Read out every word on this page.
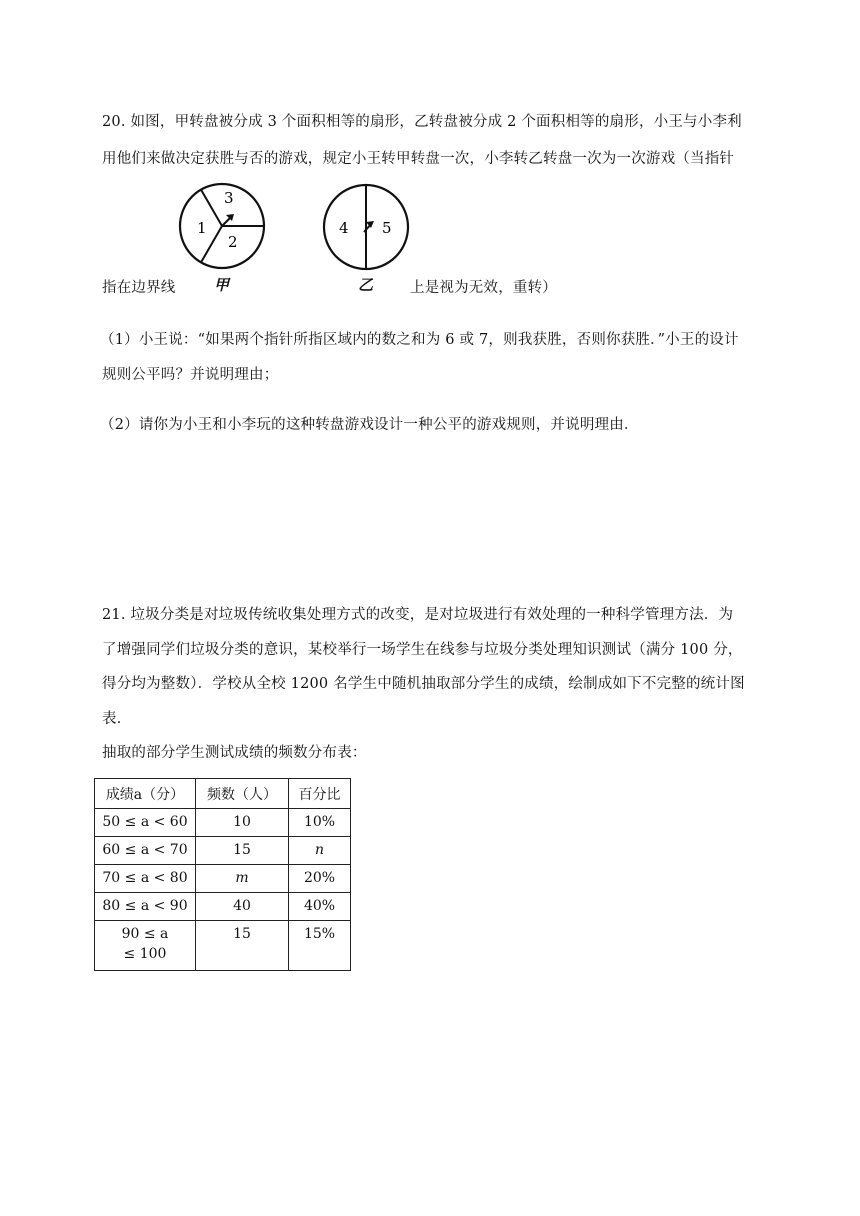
20. 如图，甲转盘被分成 3 个面积相等的扇形，乙转盘被分成 2 个面积相等的扇形，小王与小李利
用他们来做决定获胜与否的游戏，规定小王转甲转盘一次，小李转乙转盘一次为一次游戏（当指针
1
2
3
4 5
指在边界线	甲	乙	上是视为无效，重转）
（1）小王说：“如果两个指针所指区域内的数之和为 6 或 7，则我获胜，否则你获胜．”小王的设计
规则公平吗？并说明理由；
（2）请你为小王和小李玩的这种转盘游戏设计一种公平的游戏规则，并说明理由．
21. 垃圾分类是对垃圾传统收集处理方式的改变，是对垃圾进行有效处理的一种科学管理方法．为
了增强同学们垃圾分类的意识，某校举行一场学生在线参与垃圾分类处理知识测试（满分 100 分，
得分均为整数）．学校从全校 1200 名学生中随机抽取部分学生的成绩，绘制成如下不完整的统计图
表．
抽取的部分学生测试成绩的频数分布表：
成绩a（分）	频数（人）	百分比
50 ≤ a < 60	10	10%
60 ≤ a < 70	15	n
70 ≤ a < 80	m	20%
80 ≤ a < 90	40	40%

90 ≤ a
≤ 100	15	15%
